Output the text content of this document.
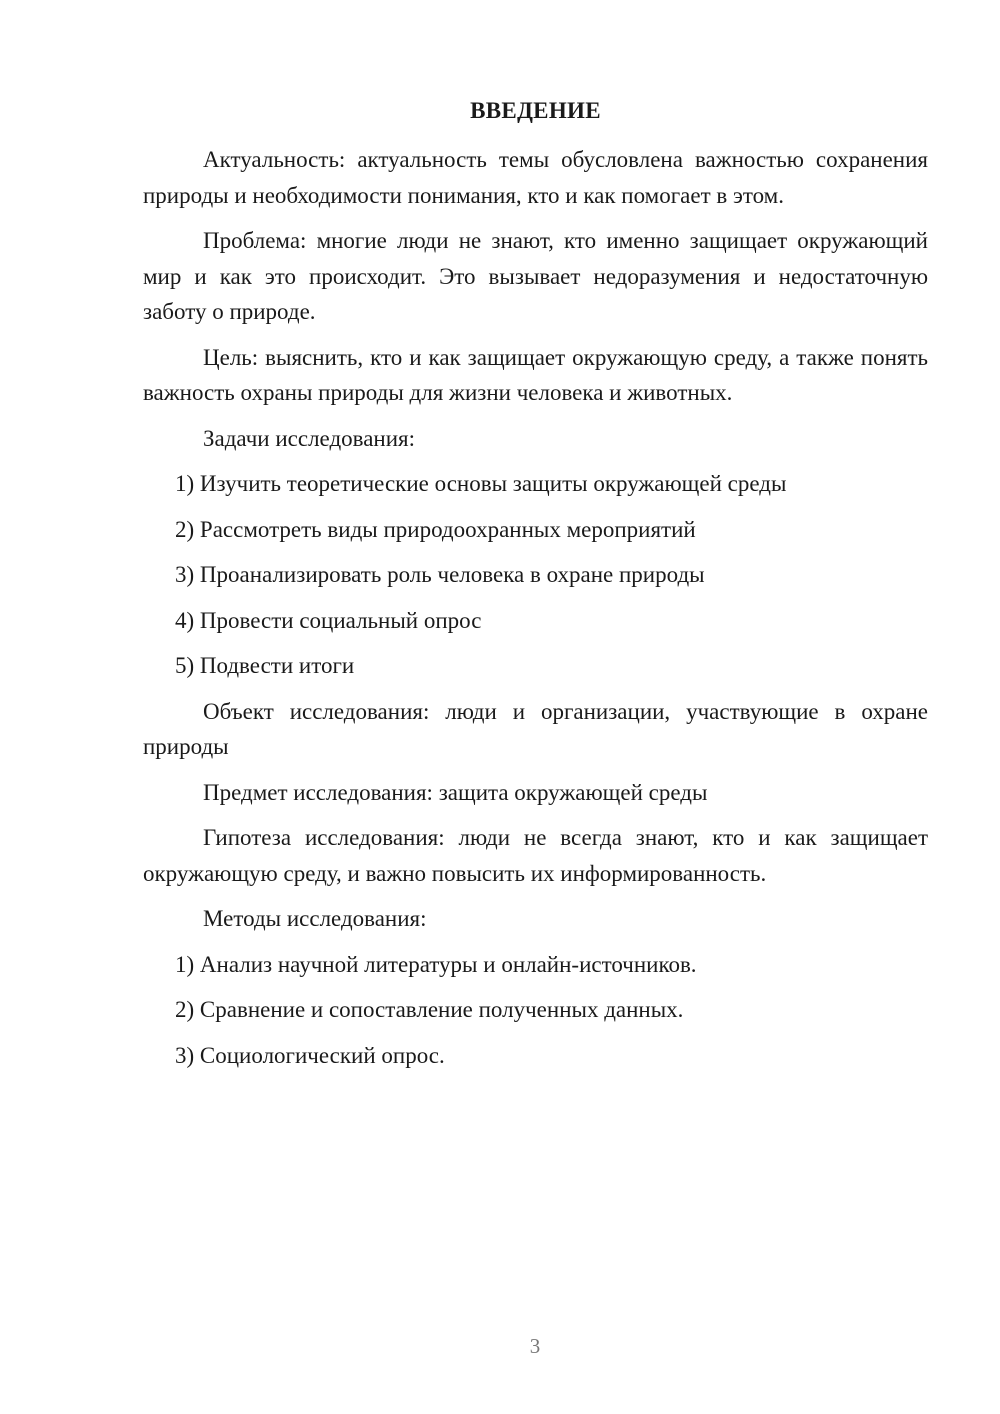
ВВЕДЕНИЕ

Актуальность: актуальность темы обусловлена важностью сохранения природы и необходимости понимания, кто и как помогает в этом.

Проблема: многие люди не знают, кто именно защищает окружающий мир и как это происходит. Это вызывает недоразумения и недостаточную заботу о природе.

Цель: выяснить, кто и как защищает окружающую среду, а также понять важность охраны природы для жизни человека и животных.

Задачи исследования:

1) Изучить теоретические основы защиты окружающей среды
2) Рассмотреть виды природоохранных мероприятий
3) Проанализировать роль человека в охране природы
4) Провести социальный опрос
5) Подвести итоги

Объект исследования: люди и организации, участвующие в охране природы

Предмет исследования: защита окружающей среды

Гипотеза исследования: люди не всегда знают, кто и как защищает окружающую среду, и важно повысить их информированность.

Методы исследования:

1) Анализ научной литературы и онлайн-источников.
2) Сравнение и сопоставление полученных данных.
3) Социологический опрос.
3
